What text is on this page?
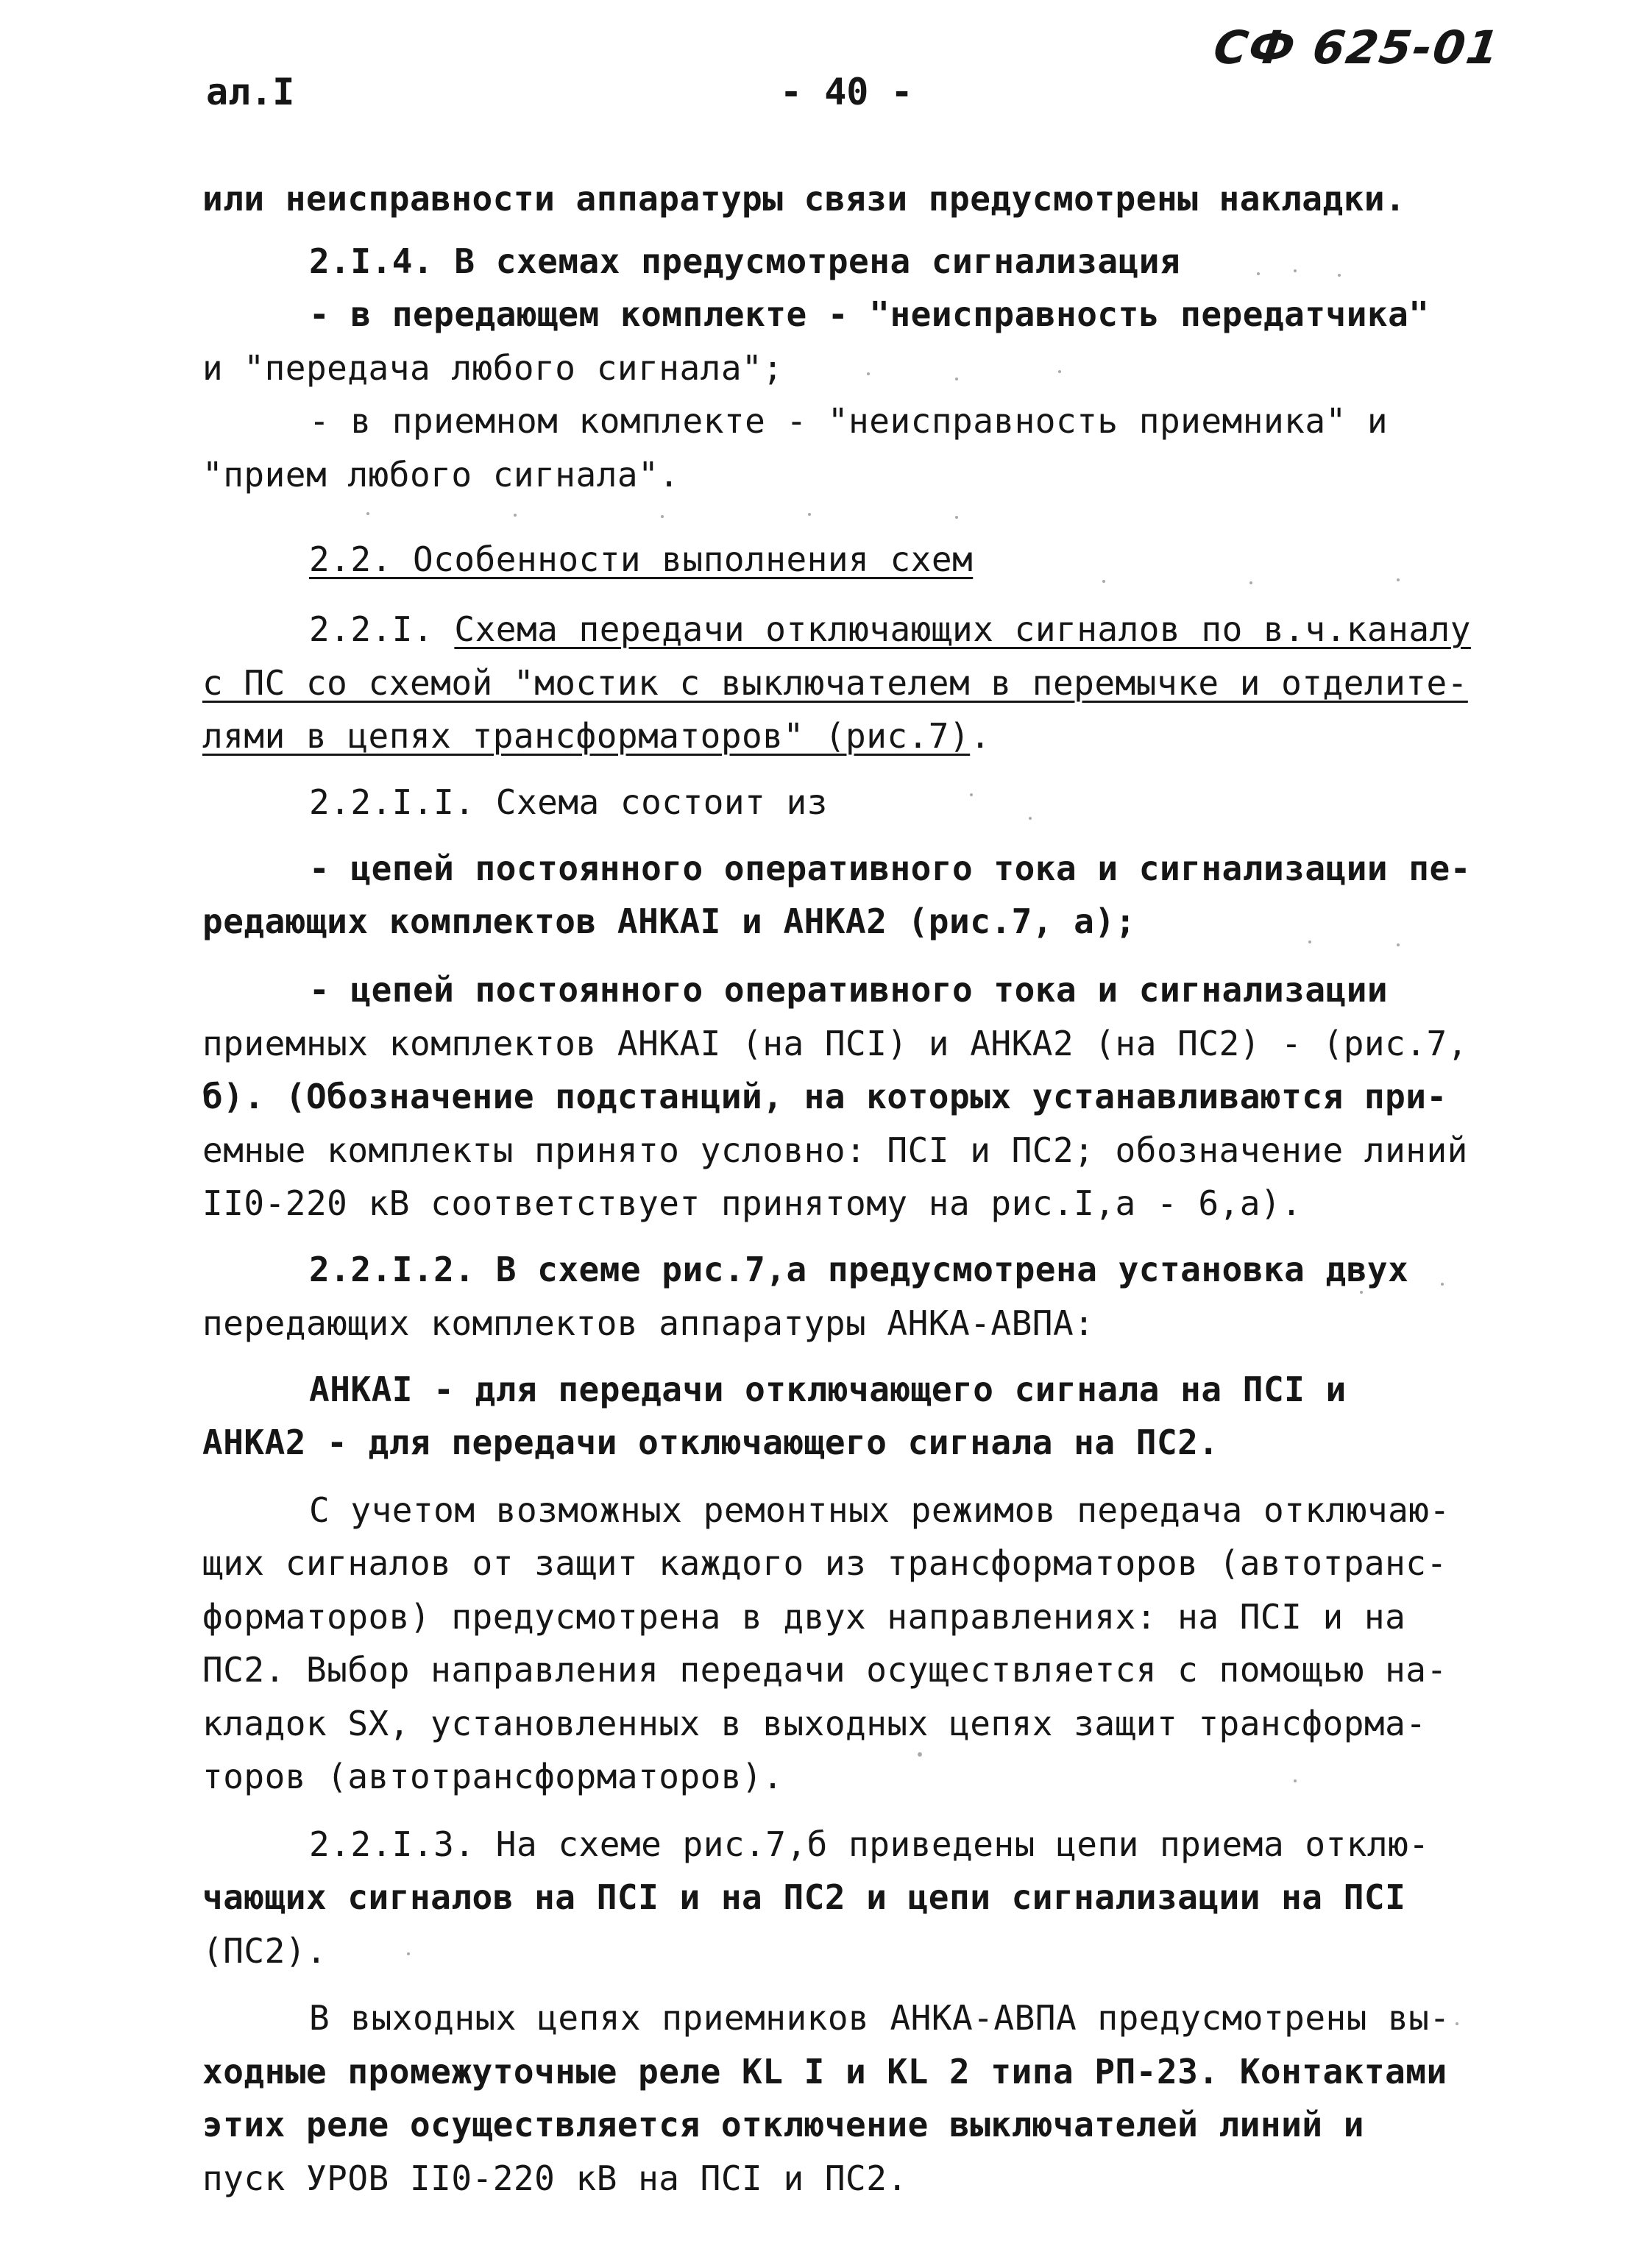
ал.I	- 40 -
СФ 625-01
или неисправности аппаратуры связи предусмотрены накладки.
2.I.4. В схемах предусмотрена сигнализация
- в передающем комплекте - "неисправность передатчика"
и "передача любого сигнала";
- в приемном комплекте - "неисправность приемника" и
"прием любого сигнала".
2.2. Особенности выполнения схем
2.2.I. Схема передачи отключающих сигналов по в.ч.каналу
с ПС со схемой "мостик с выключателем в перемычке и отделите-
лями в цепях трансформаторов" (рис.7).
2.2.I.I. Схема состоит из
- цепей постоянного оперативного тока и сигнализации пе-
редающих комплектов АНКАI и АНКА2 (рис.7, а);
- цепей постоянного оперативного тока и сигнализации
приемных комплектов АНКАI (на ПСI) и АНКА2 (на ПС2) - (рис.7,
б). (Обозначение подстанций, на которых устанавливаются при-
емные комплекты принято условно: ПСI и ПС2; обозначение линий
II0-220 кВ соответствует принятому на рис.I,а - 6,а).
2.2.I.2. В схеме рис.7,а предусмотрена установка двух
передающих комплектов аппаратуры АНКА-АВПА:
АНКАI - для передачи отключающего сигнала на ПСI и
АНКА2 - для передачи отключающего сигнала на ПС2.
С учетом возможных ремонтных режимов передача отключаю-
щих сигналов от защит каждого из трансформаторов (автотранс-
форматоров) предусмотрена в двух направлениях: на ПСI и на
ПС2. Выбор направления передачи осуществляется с помощью на-
кладок SX, установленных в выходных цепях защит трансформа-
торов (автотрансформаторов).
2.2.I.3. На схеме рис.7,б приведены цепи приема отклю-
чающих сигналов на ПСI и на ПС2 и цепи сигнализации на ПСI
(ПС2).
В выходных цепях приемников АНКА-АВПА предусмотрены вы-
ходные промежуточные реле KL I и KL 2 типа РП-23. Контактами
этих реле осуществляется отключение выключателей линий и
пуск УРОВ II0-220 кВ на ПСI и ПС2.
